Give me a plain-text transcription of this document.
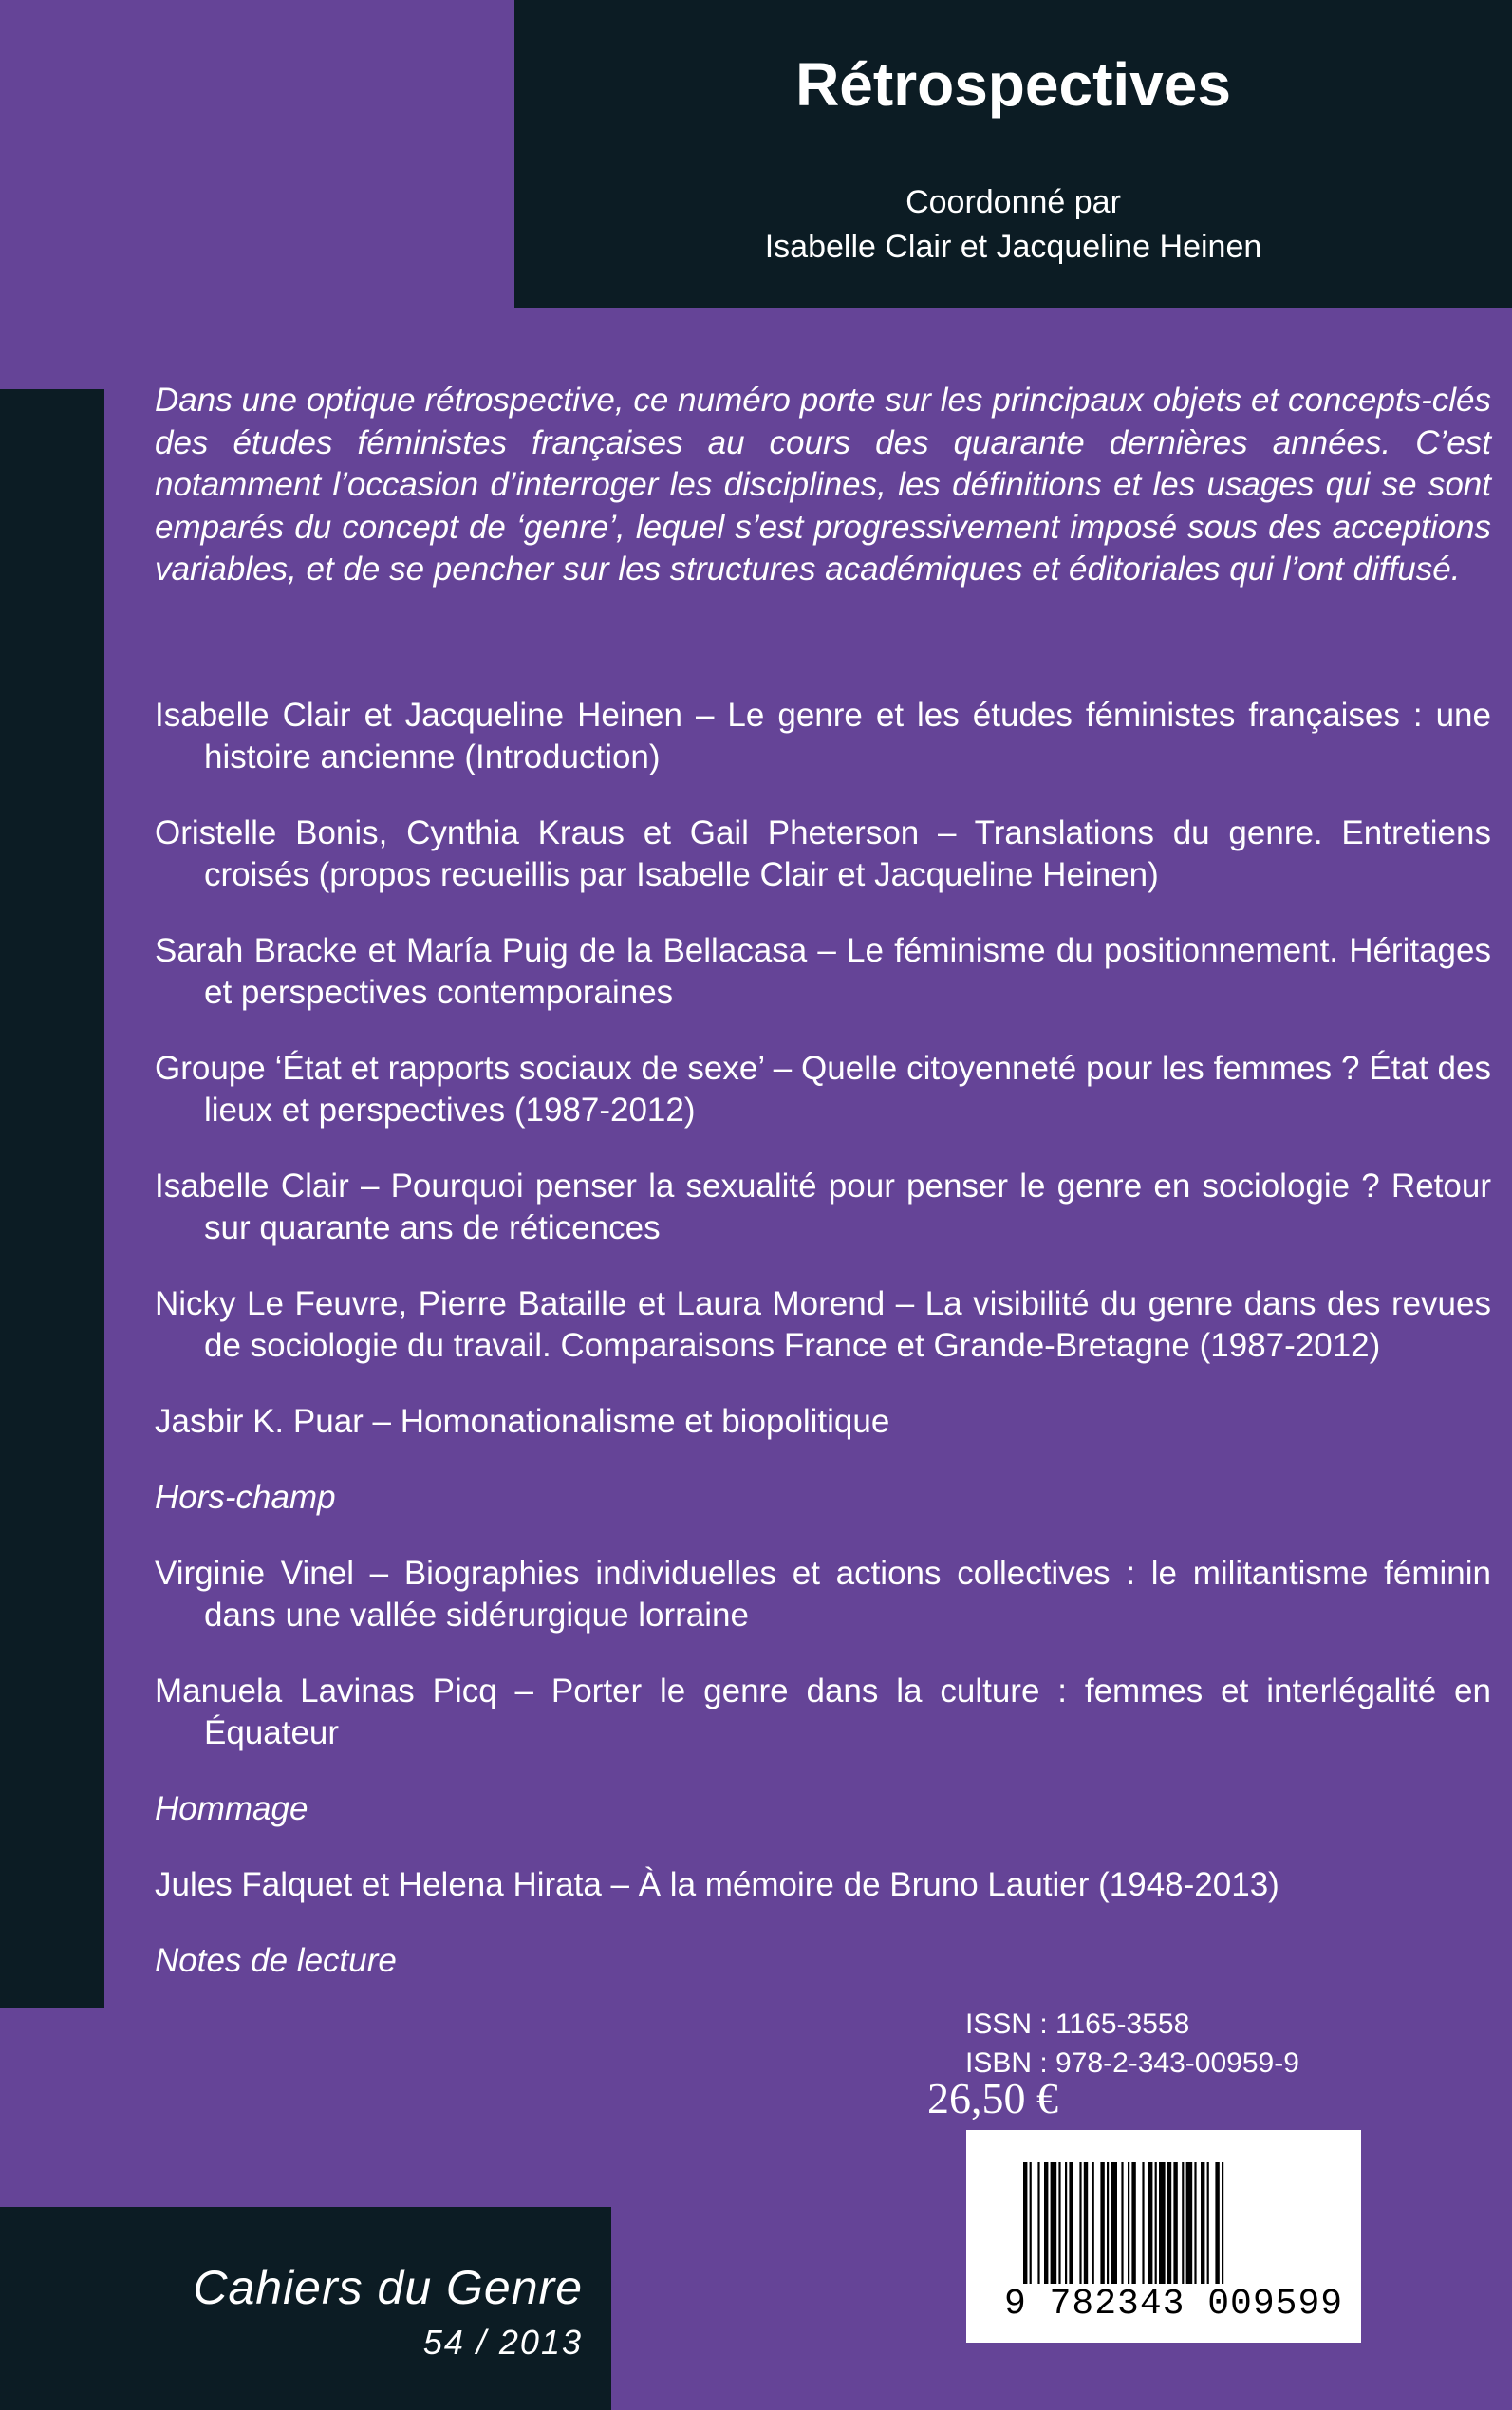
Rétrospectives
Coordonné par
Isabelle Clair et Jacqueline Heinen

Dans une optique rétrospective, ce numéro porte sur les principaux objets et concepts-clés des études féministes françaises au cours des quarante dernières années. C’est notamment l’occasion d’interroger les disciplines, les définitions et les usages qui se sont emparés du concept de ‘genre’, lequel s’est progressivement imposé sous des acceptions variables, et de se pencher sur les structures académiques et éditoriales qui l’ont diffusé.

Isabelle Clair et Jacqueline Heinen – Le genre et les études féministes françaises : une histoire ancienne (Introduction)
Oristelle Bonis, Cynthia Kraus et Gail Pheterson – Translations du genre. Entretiens croisés (propos recueillis par Isabelle Clair et Jacqueline Heinen)
Sarah Bracke et María Puig de la Bellacasa – Le féminisme du positionnement. Héritages et perspectives contemporaines
Groupe ‘État et rapports sociaux de sexe’ – Quelle citoyenneté pour les femmes ? État des lieux et perspectives (1987-2012)
Isabelle Clair – Pourquoi penser la sexualité pour penser le genre en sociologie ? Retour sur quarante ans de réticences
Nicky Le Feuvre, Pierre Bataille et Laura Morend – La visibilité du genre dans des revues de sociologie du travail. Comparaisons France et Grande-Bretagne (1987-2012)
Jasbir K. Puar – Homonationalisme et biopolitique
Hors-champ
Virginie Vinel – Biographies individuelles et actions collectives : le militantisme féminin dans une vallée sidérurgique lorraine
Manuela Lavinas Picq – Porter le genre dans la culture : femmes et interlégalité en Équateur
Hommage
Jules Falquet et Helena Hirata – À la mémoire de Bruno Lautier (1948-2013)
Notes de lecture
ISSN : 1165-3558
ISBN : 978-2-343-00959-9
26,50 €
9 782343 009599
Cahiers du Genre
54 / 2013
